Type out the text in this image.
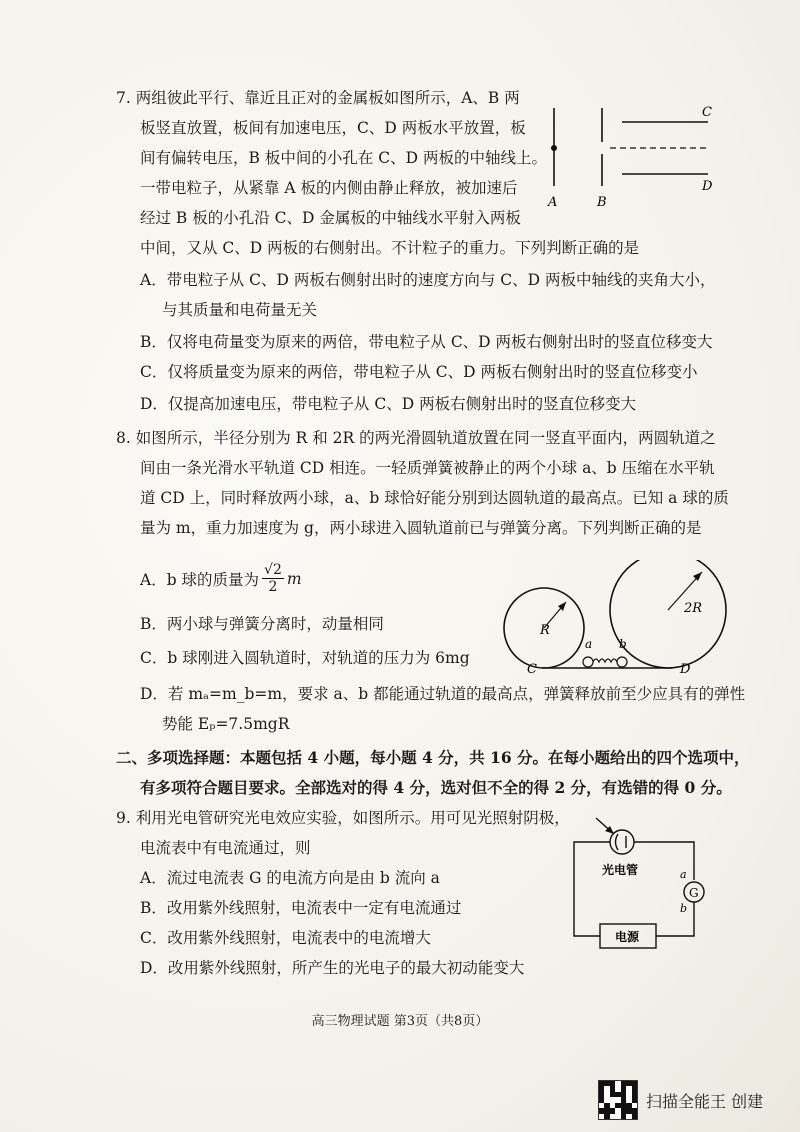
7. 两组彼此平行、靠近且正对的金属板如图所示，A、B 两
板竖直放置，板间有加速电压，C、D 两板水平放置，板
间有偏转电压，B 板中间的小孔在 C、D 两板的中轴线上。
一带电粒子，从紧靠 A 板的内侧由静止释放，被加速后
经过 B 板的小孔沿 C、D 金属板的中轴线水平射入两板
中间，又从 C、D 两板的右侧射出。不计粒子的重力。下列判断正确的是
A．带电粒子从 C、D 两板右侧射出时的速度方向与 C、D 两板中轴线的夹角大小，
与其质量和电荷量无关
B．仅将电荷量变为原来的两倍，带电粒子从 C、D 两板右侧射出时的竖直位移变大
C．仅将质量变为原来的两倍，带电粒子从 C、D 两板右侧射出时的竖直位移变小
D．仅提高加速电压，带电粒子从 C、D 两板右侧射出时的竖直位移变大
A	B
C
D
8. 如图所示，半径分别为 R 和 2R 的两光滑圆轨道放置在同一竖直平面内，两圆轨道之
间由一条光滑水平轨道 CD 相连。一轻质弹簧被静止的两个小球 a、b 压缩在水平轨
道 CD 上，同时释放两小球，a、b 球恰好能分别到达圆轨道的最高点。已知 a 球的质
量为 m，重力加速度为 g，两小球进入圆轨道前已与弹簧分离。下列判断正确的是
A．b 球的质量为 $\frac{√2}{2}$ m
B．两小球与弹簧分离时，动量相同
C．b 球刚进入圆轨道时，对轨道的压力为 6mg
D．若 mₐ=m_b=m，要求 a、b 都能通过轨道的最高点，弹簧释放前至少应具有的弹性
势能 Eₚ=7.5mgR
R
2R
a b
C	D
二、多项选择题：本题包括 4 小题，每小题 4 分，共 16 分。在每小题给出的四个选项中，
有多项符合题目要求。全部选对的得 4 分，选对但不全的得 2 分，有选错的得 0 分。
9. 利用光电管研究光电效应实验，如图所示。用可见光照射阴极，
电流表中有电流通过，则
A．流过电流表 G 的电流方向是由 b 流向 a
B．改用紫外线照射，电流表中一定有电流通过
C．改用紫外线照射，电流表中的电流增大
D．改用紫外线照射，所产生的光电子的最大初动能变大
光电管
G
a
b
电源
高三物理试题 第3页（共8页）
扫描全能王 创建
